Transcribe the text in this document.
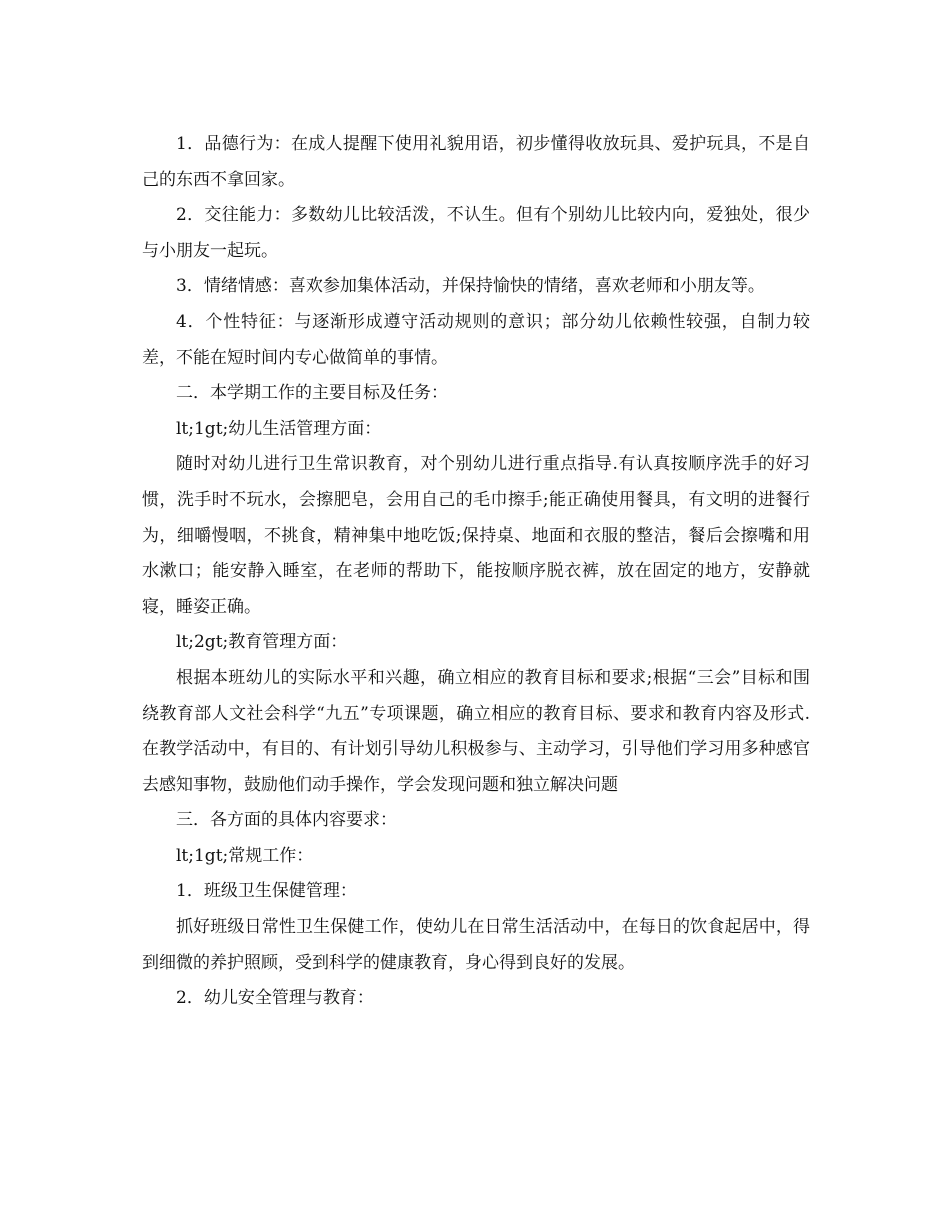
1．品德行为：在成人提醒下使用礼貌用语，初步懂得收放玩具、爱护玩具，不是自己的东西不拿回家。

2．交往能力：多数幼儿比较活泼，不认生。但有个别幼儿比较内向，爱独处，很少与小朋友一起玩。

3．情绪情感：喜欢参加集体活动，并保持愉快的情绪，喜欢老师和小朋友等。

4．个性特征：与逐渐形成遵守活动规则的意识；部分幼儿依赖性较强，自制力较差，不能在短时间内专心做简单的事情。

二．本学期工作的主要目标及任务：

lt;1gt;幼儿生活管理方面：

随时对幼儿进行卫生常识教育，对个别幼儿进行重点指导.有认真按顺序洗手的好习惯，洗手时不玩水，会擦肥皂，会用自己的毛巾擦手;能正确使用餐具，有文明的进餐行为，细嚼慢咽，不挑食，精神集中地吃饭;保持桌、地面和衣服的整洁，餐后会擦嘴和用水漱口；能安静入睡室，在老师的帮助下，能按顺序脱衣裤，放在固定的地方，安静就寝，睡姿正确。

lt;2gt;教育管理方面：

根据本班幼儿的实际水平和兴趣，确立相应的教育目标和要求;根据“三会”目标和围绕教育部人文社会科学“九五”专项课题，确立相应的教育目标、要求和教育内容及形式.在教学活动中，有目的、有计划引导幼儿积极参与、主动学习，引导他们学习用多种感官去感知事物，鼓励他们动手操作，学会发现问题和独立解决问题

三．各方面的具体内容要求：

lt;1gt;常规工作：

1．班级卫生保健管理：

抓好班级日常性卫生保健工作，使幼儿在日常生活活动中，在每日的饮食起居中，得到细微的养护照顾，受到科学的健康教育，身心得到良好的发展。

2．幼儿安全管理与教育：
